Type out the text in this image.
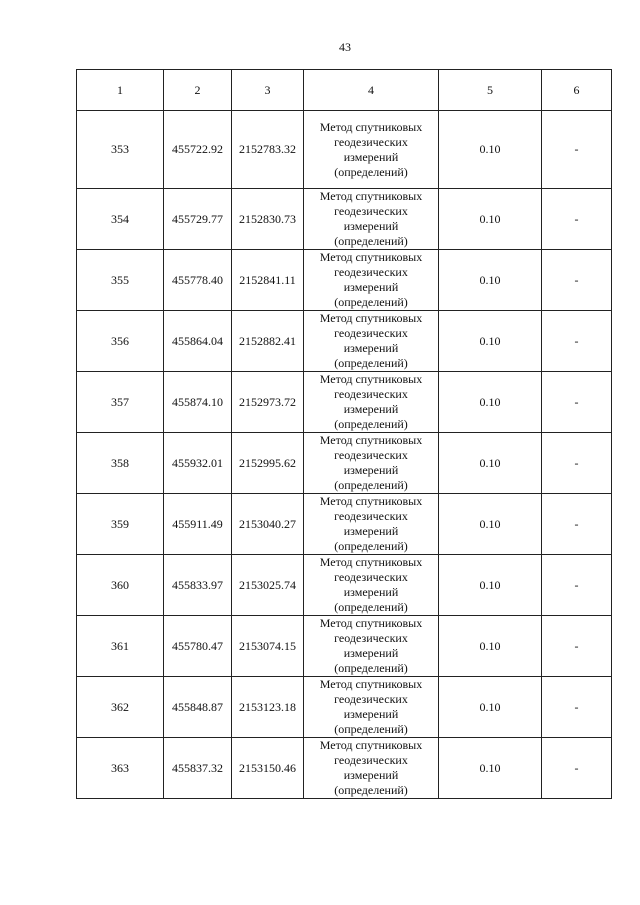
43
1	2	3	4	5	6
353	455722.92	2152783.32	Метод спутниковых
геодезических
измерений
(определений)	0.10	-
354	455729.77	2152830.73	Метод спутниковых
геодезических
измерений
(определений)	0.10	-
355	455778.40	2152841.11	Метод спутниковых
геодезических
измерений
(определений)	0.10	-
356	455864.04	2152882.41	Метод спутниковых
геодезических
измерений
(определений)	0.10	-
357	455874.10	2152973.72	Метод спутниковых
геодезических
измерений
(определений)	0.10	-
358	455932.01	2152995.62	Метод спутниковых
геодезических
измерений
(определений)	0.10	-
359	455911.49	2153040.27	Метод спутниковых
геодезических
измерений
(определений)	0.10	-
360	455833.97	2153025.74	Метод спутниковых
геодезических
измерений
(определений)	0.10	-
361	455780.47	2153074.15	Метод спутниковых
геодезических
измерений
(определений)	0.10	-
362	455848.87	2153123.18	Метод спутниковых
геодезических
измерений
(определений)	0.10	-
363	455837.32	2153150.46	Метод спутниковых
геодезических
измерений
(определений)	0.10	-
